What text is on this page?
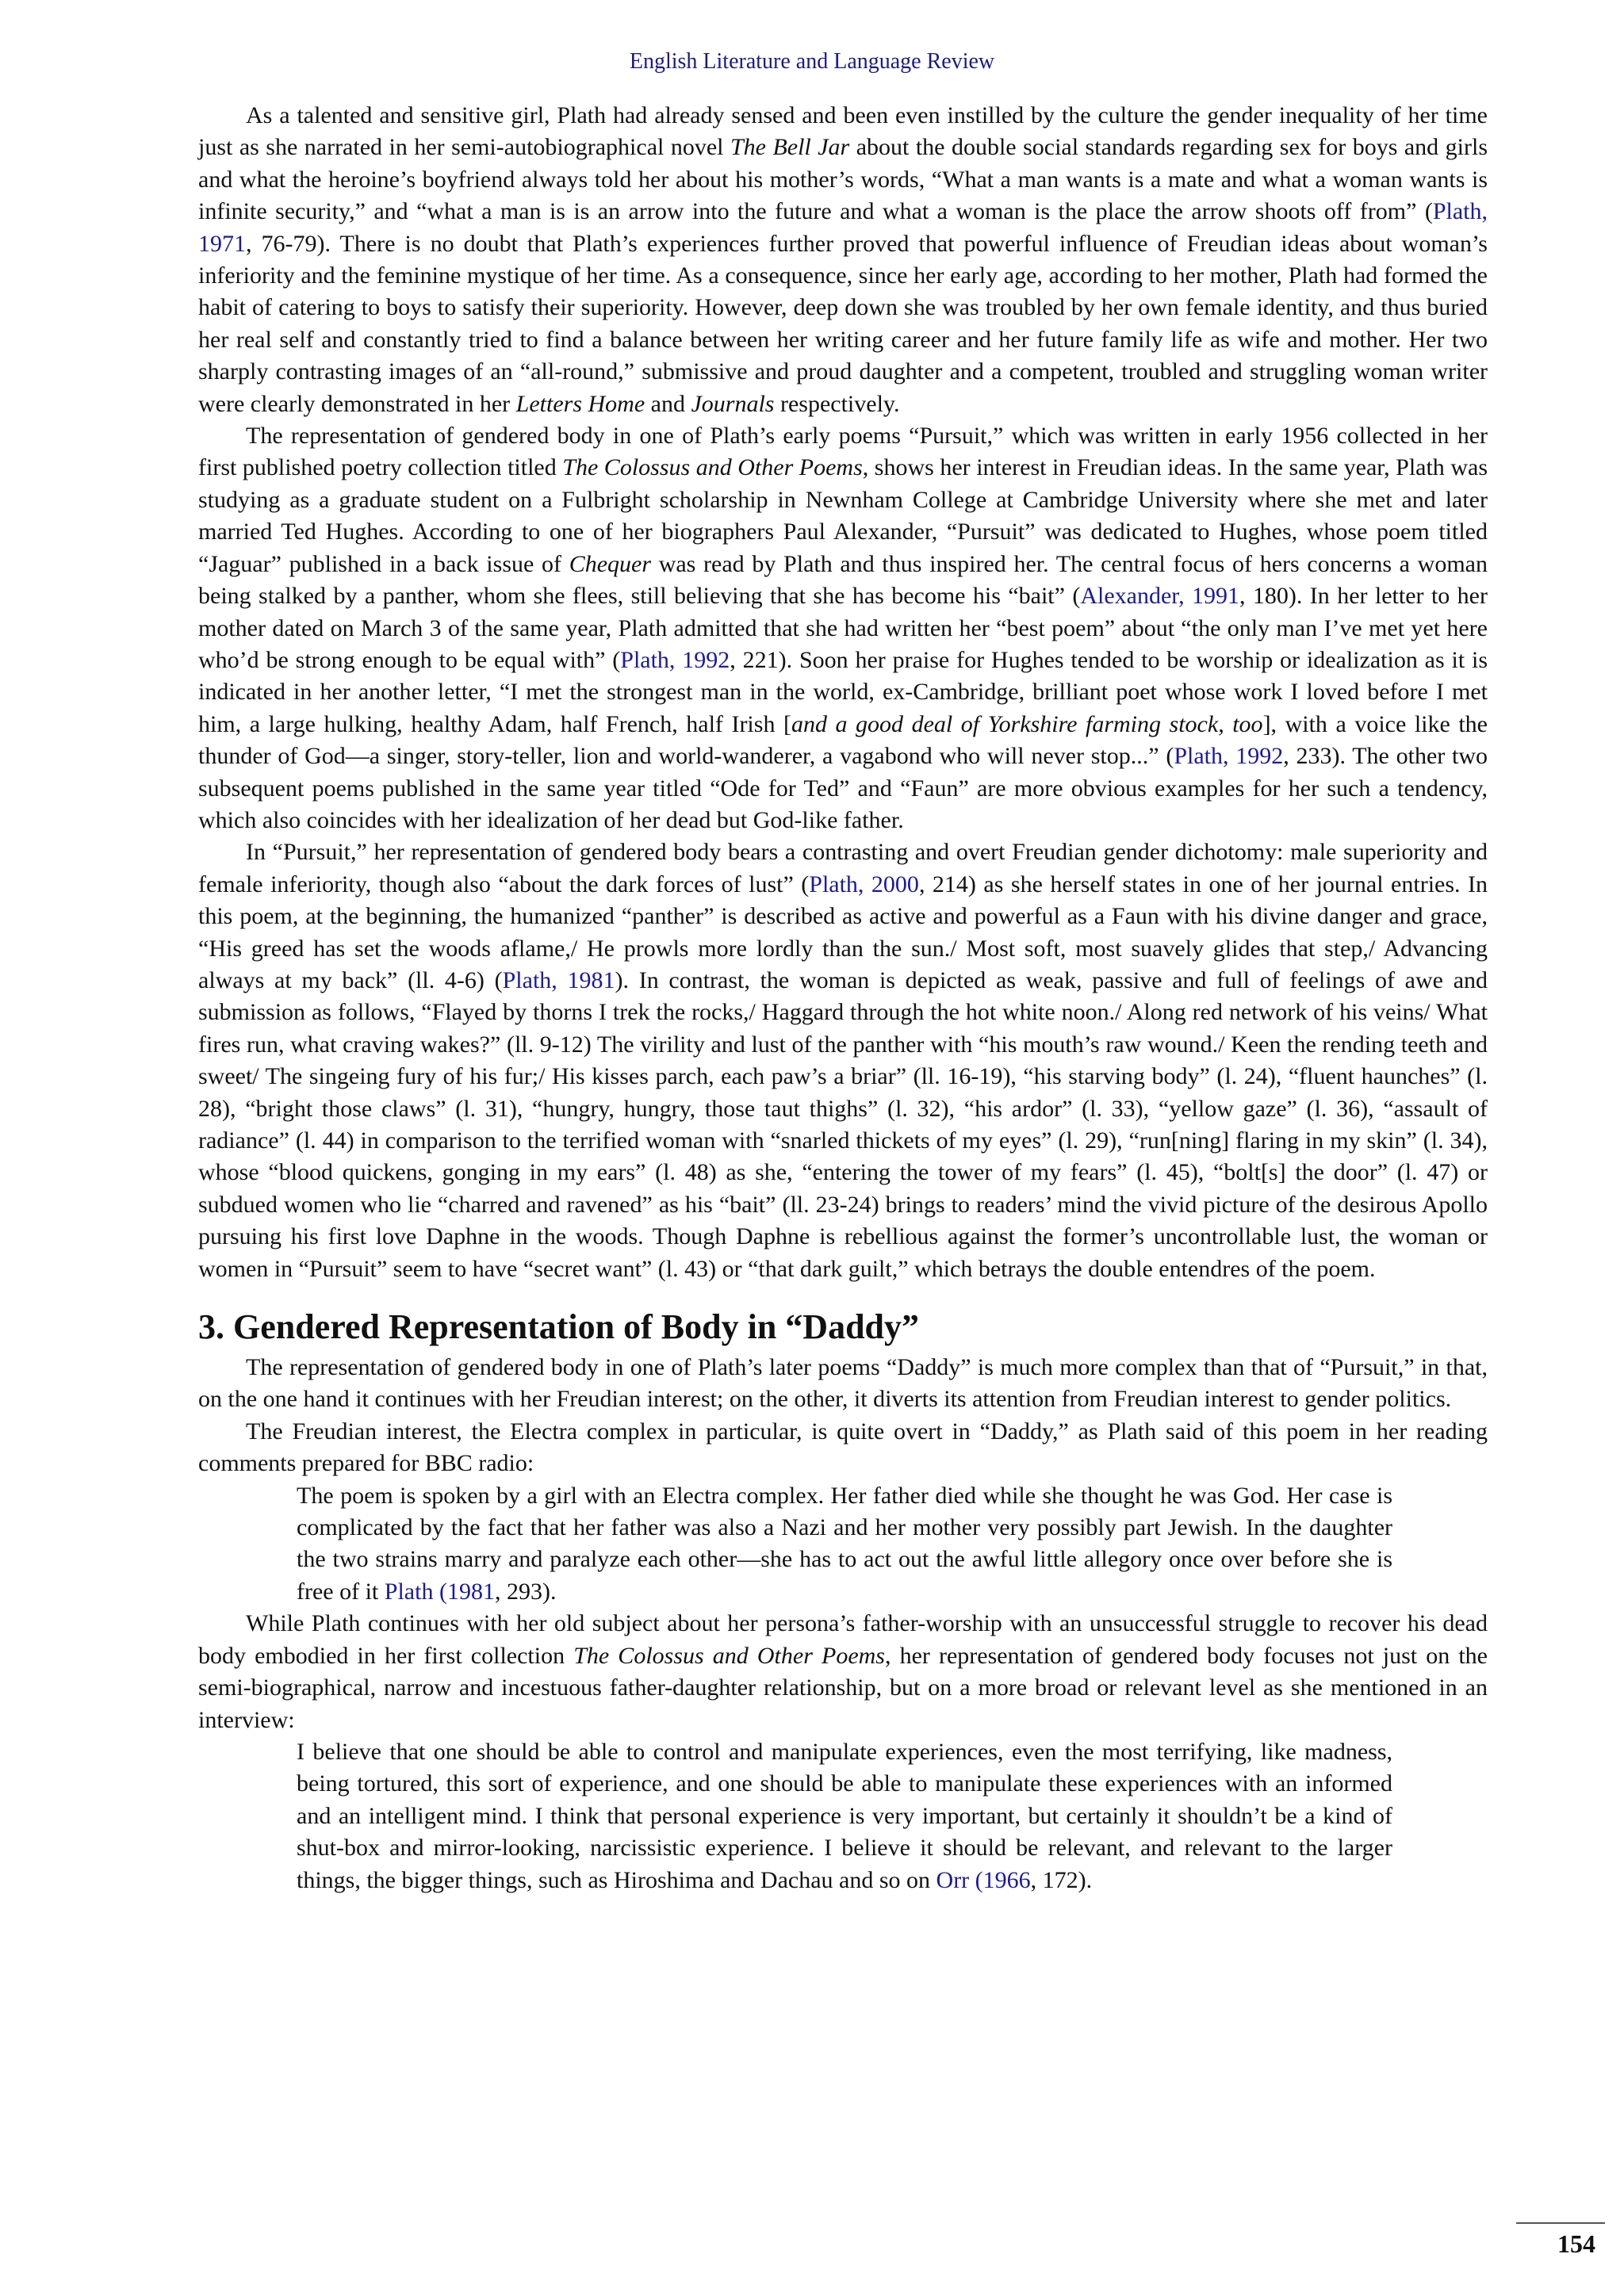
English Literature and Language Review

As a talented and sensitive girl, Plath had already sensed and been even instilled by the culture the gender inequality of her time just as she narrated in her semi-autobiographical novel The Bell Jar about the double social standards regarding sex for boys and girls and what the heroine’s boyfriend always told her about his mother’s words, “What a man wants is a mate and what a woman wants is infinite security,” and “what a man is is an arrow into the future and what a woman is the place the arrow shoots off from” (Plath, 1971, 76-79). There is no doubt that Plath’s experiences further proved that powerful influence of Freudian ideas about woman’s inferiority and the feminine mystique of her time. As a consequence, since her early age, according to her mother, Plath had formed the habit of catering to boys to satisfy their superiority. However, deep down she was troubled by her own female identity, and thus buried her real self and constantly tried to find a balance between her writing career and her future family life as wife and mother. Her two sharply contrasting images of an “all-round,” submissive and proud daughter and a competent, troubled and struggling woman writer were clearly demonstrated in her Letters Home and Journals respectively.

The representation of gendered body in one of Plath’s early poems “Pursuit,” which was written in early 1956 collected in her first published poetry collection titled The Colossus and Other Poems, shows her interest in Freudian ideas. In the same year, Plath was studying as a graduate student on a Fulbright scholarship in Newnham College at Cambridge University where she met and later married Ted Hughes. According to one of her biographers Paul Alexander, “Pursuit” was dedicated to Hughes, whose poem titled “Jaguar” published in a back issue of Chequer was read by Plath and thus inspired her. The central focus of hers concerns a woman being stalked by a panther, whom she flees, still believing that she has become his “bait” (Alexander, 1991, 180). In her letter to her mother dated on March 3 of the same year, Plath admitted that she had written her “best poem” about “the only man I’ve met yet here who’d be strong enough to be equal with” (Plath, 1992, 221). Soon her praise for Hughes tended to be worship or idealization as it is indicated in her another letter, “I met the strongest man in the world, ex-Cambridge, brilliant poet whose work I loved before I met him, a large hulking, healthy Adam, half French, half Irish [and a good deal of Yorkshire farming stock, too], with a voice like the thunder of God—a singer, story-teller, lion and world-wanderer, a vagabond who will never stop...” (Plath, 1992, 233). The other two subsequent poems published in the same year titled “Ode for Ted” and “Faun” are more obvious examples for her such a tendency, which also coincides with her idealization of her dead but God-like father.

In “Pursuit,” her representation of gendered body bears a contrasting and overt Freudian gender dichotomy: male superiority and female inferiority, though also “about the dark forces of lust” (Plath, 2000, 214) as she herself states in one of her journal entries. In this poem, at the beginning, the humanized “panther” is described as active and powerful as a Faun with his divine danger and grace, “His greed has set the woods aflame,/ He prowls more lordly than the sun./ Most soft, most suavely glides that step,/ Advancing always at my back” (ll. 4-6) (Plath, 1981). In contrast, the woman is depicted as weak, passive and full of feelings of awe and submission as follows, “Flayed by thorns I trek the rocks,/ Haggard through the hot white noon./ Along red network of his veins/ What fires run, what craving wakes?” (ll. 9-12) The virility and lust of the panther with “his mouth’s raw wound./ Keen the rending teeth and sweet/ The singeing fury of his fur;/ His kisses parch, each paw’s a briar” (ll. 16-19), “his starving body” (l. 24), “fluent haunches” (l. 28), “bright those claws” (l. 31), “hungry, hungry, those taut thighs” (l. 32), “his ardor” (l. 33), “yellow gaze” (l. 36), “assault of radiance” (l. 44) in comparison to the terrified woman with “snarled thickets of my eyes” (l. 29), “run[ning] flaring in my skin” (l. 34), whose “blood quickens, gonging in my ears” (l. 48) as she, “entering the tower of my fears” (l. 45), “bolt[s] the door” (l. 47) or subdued women who lie “charred and ravened” as his “bait” (ll. 23-24) brings to readers’ mind the vivid picture of the desirous Apollo pursuing his first love Daphne in the woods. Though Daphne is rebellious against the former’s uncontrollable lust, the woman or women in “Pursuit” seem to have “secret want” (l. 43) or “that dark guilt,” which betrays the double entendres of the poem.

3. Gendered Representation of Body in “Daddy”

The representation of gendered body in one of Plath’s later poems “Daddy” is much more complex than that of “Pursuit,” in that, on the one hand it continues with her Freudian interest; on the other, it diverts its attention from Freudian interest to gender politics.

The Freudian interest, the Electra complex in particular, is quite overt in “Daddy,” as Plath said of this poem in her reading comments prepared for BBC radio:

The poem is spoken by a girl with an Electra complex. Her father died while she thought he was God. Her case is complicated by the fact that her father was also a Nazi and her mother very possibly part Jewish. In the daughter the two strains marry and paralyze each other—she has to act out the awful little allegory once over before she is free of it Plath (1981, 293).

While Plath continues with her old subject about her persona’s father-worship with an unsuccessful struggle to recover his dead body embodied in her first collection The Colossus and Other Poems, her representation of gendered body focuses not just on the semi-biographical, narrow and incestuous father-daughter relationship, but on a more broad or relevant level as she mentioned in an interview:

I believe that one should be able to control and manipulate experiences, even the most terrifying, like madness, being tortured, this sort of experience, and one should be able to manipulate these experiences with an informed and an intelligent mind. I think that personal experience is very important, but certainly it shouldn’t be a kind of shut-box and mirror-looking, narcissistic experience. I believe it should be relevant, and relevant to the larger things, the bigger things, such as Hiroshima and Dachau and so on Orr (1966, 172).
154
